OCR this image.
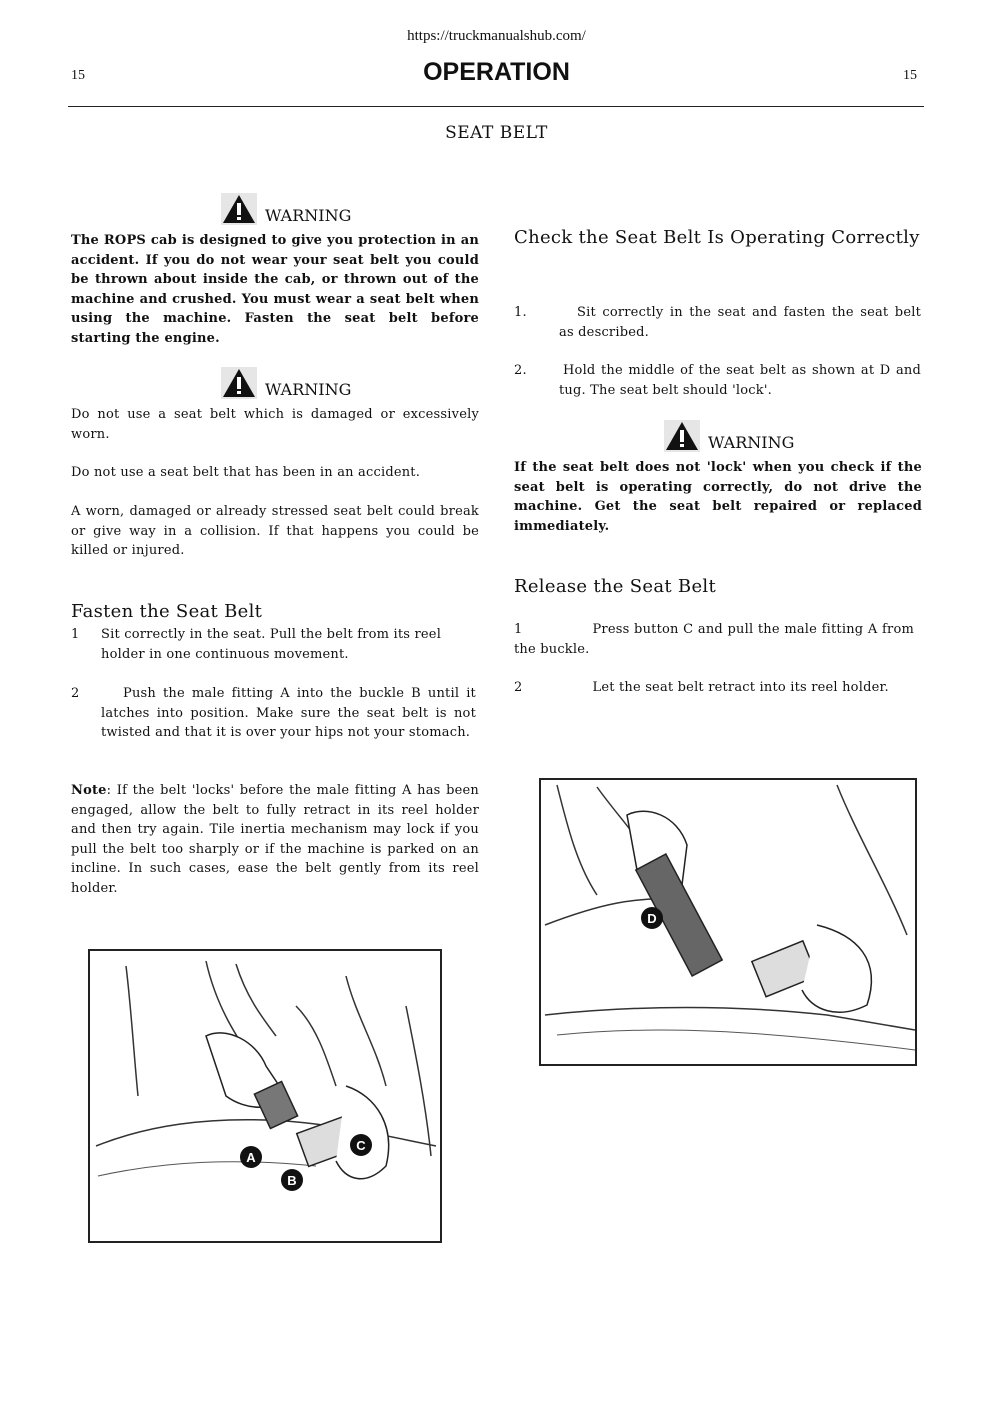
https://truckmanualshub.com/
15	OPERATION	15
SEAT BELT
WARNING
The ROPS cab is designed to give you protection in an accident. If you do not wear your seat belt you could be thrown about inside the cab, or thrown out of the machine and crushed. You must wear a seat belt when using the machine. Fasten the seat belt before starting the engine.
WARNING
Do not use a seat belt which is damaged or excessively worn.
Do not use a seat belt that has been in an accident.
A worn, damaged or already stressed seat belt could break or give way in a collision. If that happens you could be killed or injured.
Fasten the Seat Belt
1 Sit correctly in the seat. Pull the belt from its reel holder in one continuous movement.
2	Push the male fitting A into the buckle B until it latches into position. Make sure the seat belt is not twisted and that it is over your hips not your stomach.
Note: If the belt 'locks' before the male fitting A has been engaged, allow the belt to fully retract in its reel holder and then try again. Tile inertia mechanism may lock if you pull the belt too sharply or if the machine is parked on an incline. In such cases, ease the belt gently from its reel holder.
A
B
C
Check the Seat Belt Is Operating Correctly
1.	Sit correctly in the seat and fasten the seat belt as described.
2.	Hold the middle of the seat belt as shown at D and tug. The seat belt should 'lock'.
WARNING
If the seat belt does not 'lock' when you check if the seat belt is operating correctly, do not drive the machine. Get the seat belt repaired or replaced immediately.
Release the Seat Belt
1	Press button C and pull the male fitting A from the buckle.
2	Let the seat belt retract into its reel holder.
D
